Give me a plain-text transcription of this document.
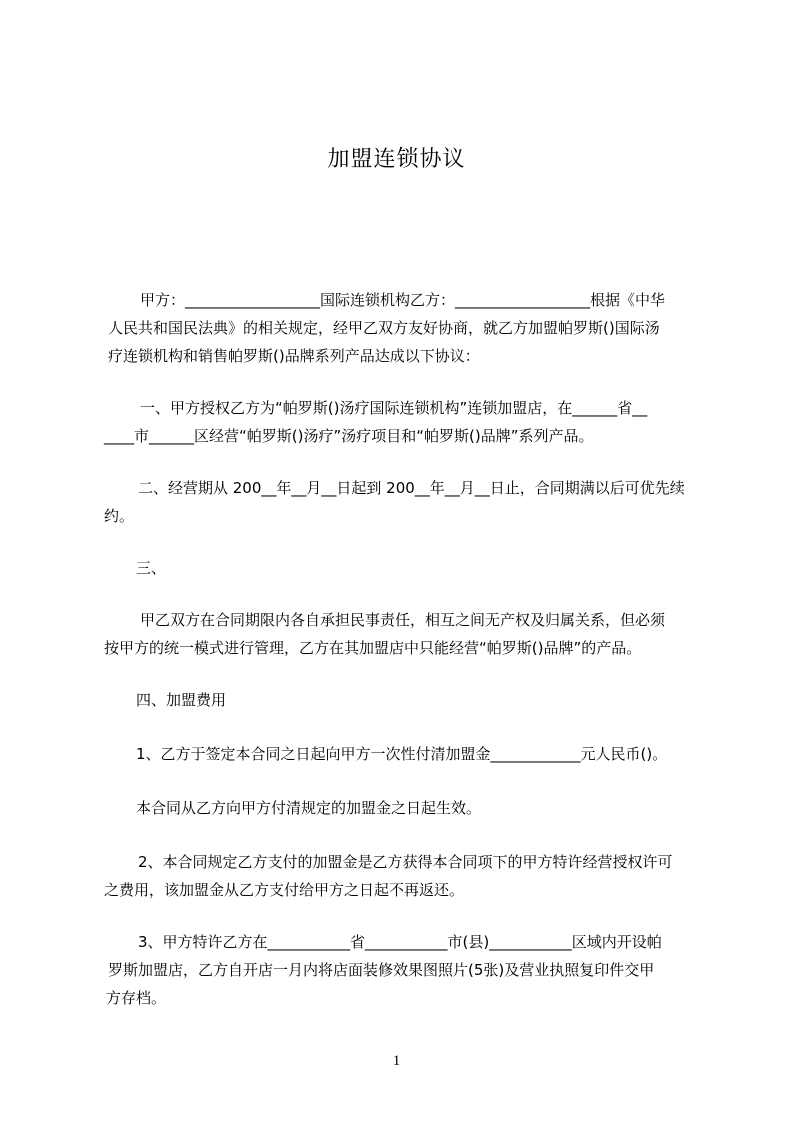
加盟连锁协议
甲方：__________________国际连锁机构乙方：__________________根据《中华
人民共和国民法典》的相关规定，经甲乙双方友好协商，就乙方加盟帕罗斯()国际汤
疗连锁机构和销售帕罗斯()品牌系列产品达成以下协议：
一、甲方授权乙方为“帕罗斯()汤疗国际连锁机构”连锁加盟店，在______省__
____市______区经营“帕罗斯()汤疗”汤疗项目和“帕罗斯()品牌”系列产品。
二、经营期从 200__年__月__日起到 200__年__月__日止，合同期满以后可优先续
约。
三、
甲乙双方在合同期限内各自承担民事责任，相互之间无产权及归属关系，但必须
按甲方的统一模式进行管理，乙方在其加盟店中只能经营“帕罗斯()品牌”的产品。
四、加盟费用
1、乙方于签定本合同之日起向甲方一次性付清加盟金____________元人民币()。
本合同从乙方向甲方付清规定的加盟金之日起生效。
2、本合同规定乙方支付的加盟金是乙方获得本合同项下的甲方特许经营授权许可
之费用，该加盟金从乙方支付给甲方之日起不再返还。
3、甲方特许乙方在___________省___________市(县)___________区域内开设帕
罗斯加盟店，乙方自开店一月内将店面装修效果图照片(5张)及营业执照复印件交甲
方存档。
1
